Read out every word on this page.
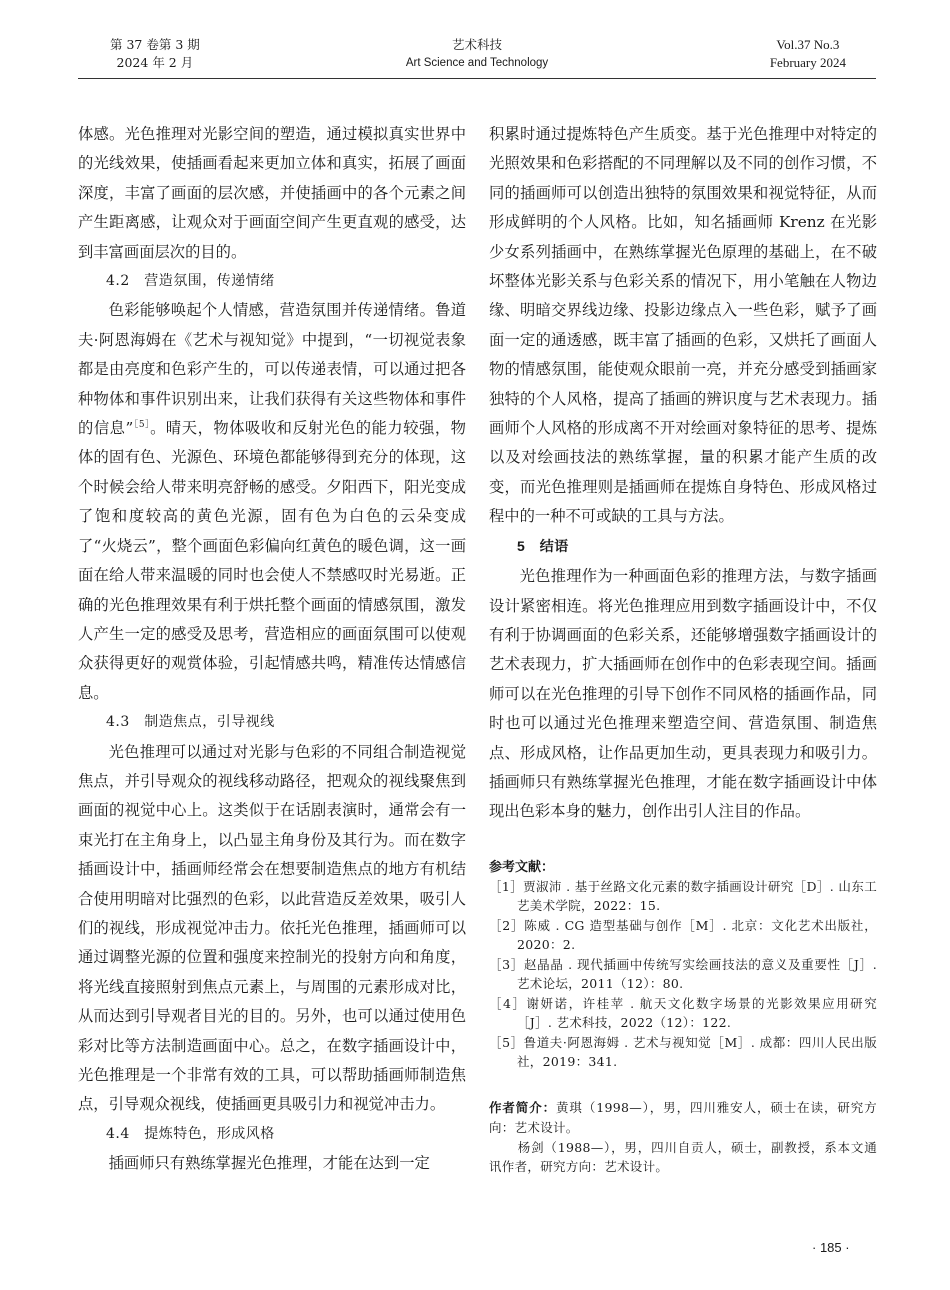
第 37 卷第 3 期
2024 年 2 月
艺术科技
Art Science and Technology
Vol.37 No.3
February 2024

体感。光色推理对光影空间的塑造，通过模拟真实世界中的光线效果，使插画看起来更加立体和真实，拓展了画面深度，丰富了画面的层次感，并使插画中的各个元素之间产生距离感，让观众对于画面空间产生更直观的感受，达到丰富画面层次的目的。

4.2　营造氛围，传递情绪

色彩能够唤起个人情感，营造氛围并传递情绪。鲁道夫·阿恩海姆在《艺术与视知觉》中提到，“一切视觉表象都是由亮度和色彩产生的，可以传递表情，可以通过把各种物体和事件识别出来，让我们获得有关这些物体和事件的信息”$^{[5]}$。晴天，物体吸收和反射光色的能力较强，物体的固有色、光源色、环境色都能够得到充分的体现，这个时候会给人带来明亮舒畅的感受。夕阳西下，阳光变成了饱和度较高的黄色光源，固有色为白色的云朵变成了“火烧云”，整个画面色彩偏向红黄色的暖色调，这一画面在给人带来温暖的同时也会使人不禁感叹时光易逝。正确的光色推理效果有利于烘托整个画面的情感氛围，激发人产生一定的感受及思考，营造相应的画面氛围可以使观众获得更好的观赏体验，引起情感共鸣，精准传达情感信息。

4.3　制造焦点，引导视线

光色推理可以通过对光影与色彩的不同组合制造视觉焦点，并引导观众的视线移动路径，把观众的视线聚焦到画面的视觉中心上。这类似于在话剧表演时，通常会有一束光打在主角身上，以凸显主角身份及其行为。而在数字插画设计中，插画师经常会在想要制造焦点的地方有机结合使用明暗对比强烈的色彩，以此营造反差效果，吸引人们的视线，形成视觉冲击力。依托光色推理，插画师可以通过调整光源的位置和强度来控制光的投射方向和角度，将光线直接照射到焦点元素上，与周围的元素形成对比，从而达到引导观者目光的目的。另外，也可以通过使用色彩对比等方法制造画面中心。总之，在数字插画设计中，光色推理是一个非常有效的工具，可以帮助插画师制造焦点，引导观众视线，使插画更具吸引力和视觉冲击力。

4.4　提炼特色，形成风格

插画师只有熟练掌握光色推理，才能在达到一定

积累时通过提炼特色产生质变。基于光色推理中对特定的光照效果和色彩搭配的不同理解以及不同的创作习惯，不同的插画师可以创造出独特的氛围效果和视觉特征，从而形成鲜明的个人风格。比如，知名插画师 Krenz 在光影少女系列插画中，在熟练掌握光色原理的基础上，在不破坏整体光影关系与色彩关系的情况下，用小笔触在人物边缘、明暗交界线边缘、投影边缘点入一些色彩，赋予了画面一定的通透感，既丰富了插画的色彩，又烘托了画面人物的情感氛围，能使观众眼前一亮，并充分感受到插画家独特的个人风格，提高了插画的辨识度与艺术表现力。插画师个人风格的形成离不开对绘画对象特征的思考、提炼以及对绘画技法的熟练掌握，量的积累才能产生质的改变，而光色推理则是插画师在提炼自身特色、形成风格过程中的一种不可或缺的工具与方法。

5　结语

光色推理作为一种画面色彩的推理方法，与数字插画设计紧密相连。将光色推理应用到数字插画设计中，不仅有利于协调画面的色彩关系，还能够增强数字插画设计的艺术表现力，扩大插画师在创作中的色彩表现空间。插画师可以在光色推理的引导下创作不同风格的插画作品，同时也可以通过光色推理来塑造空间、营造氛围、制造焦点、形成风格，让作品更加生动，更具表现力和吸引力。插画师只有熟练掌握光色推理，才能在数字插画设计中体现出色彩本身的魅力，创作出引人注目的作品。

参考文献：

［1］贾淑沛 . 基于丝路文化元素的数字插画设计研究［D］. 山东工艺美术学院，2022：15.

［2］陈威 . CG 造型基础与创作［M］. 北京：文化艺术出版社，2020：2.

［3］赵晶晶 . 现代插画中传统写实绘画技法的意义及重要性［J］. 艺术论坛，2011（12）：80.

［4］谢妍诺，许桂苹 . 航天文化数字场景的光影效果应用研究［J］. 艺术科技，2022（12）：122.

［5］鲁道夫·阿恩海姆 . 艺术与视知觉［M］. 成都：四川人民出版社，2019：341.

作者简介：黄琪（1998—），男，四川雅安人，硕士在读，研究方向：艺术设计。

杨剑（1988—），男，四川自贡人，硕士，副教授，系本文通讯作者，研究方向：艺术设计。

· 185 ·
